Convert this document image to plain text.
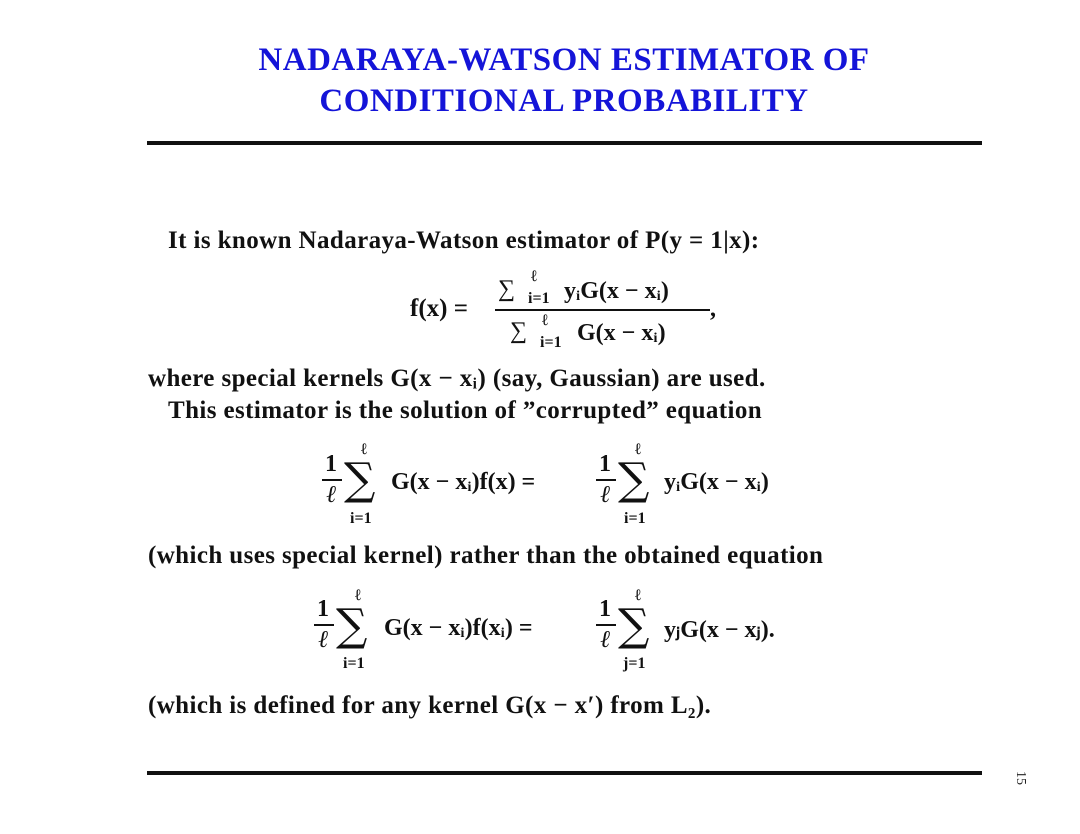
NADARAYA-WATSON ESTIMATOR OF
CONDITIONAL PROBABILITY
It is known Nadaraya-Watson estimator of P(y = 1|x):
f(x) =
∑ ℓ
i=1 yᵢG(x − xᵢ)
,
∑ ℓ
i=1 G(x − xᵢ)
where special kernels G(x − xᵢ) (say, Gaussian) are used.
This estimator is the solution of ”corrupted” equation
1
ℓ
ℓ
∑
i=1
G(x − xᵢ)f(x) =
1
ℓ
ℓ
∑
i=1
yᵢG(x − xᵢ)
(which uses special kernel) rather than the obtained equation
1
ℓ
ℓ
∑
i=1
G(x − xᵢ)f(xᵢ) =
1
ℓ
ℓ
∑
j=1
yⱼG(x − xⱼ).
(which is defined for any kernel G(x − x′) from L₂).
15
